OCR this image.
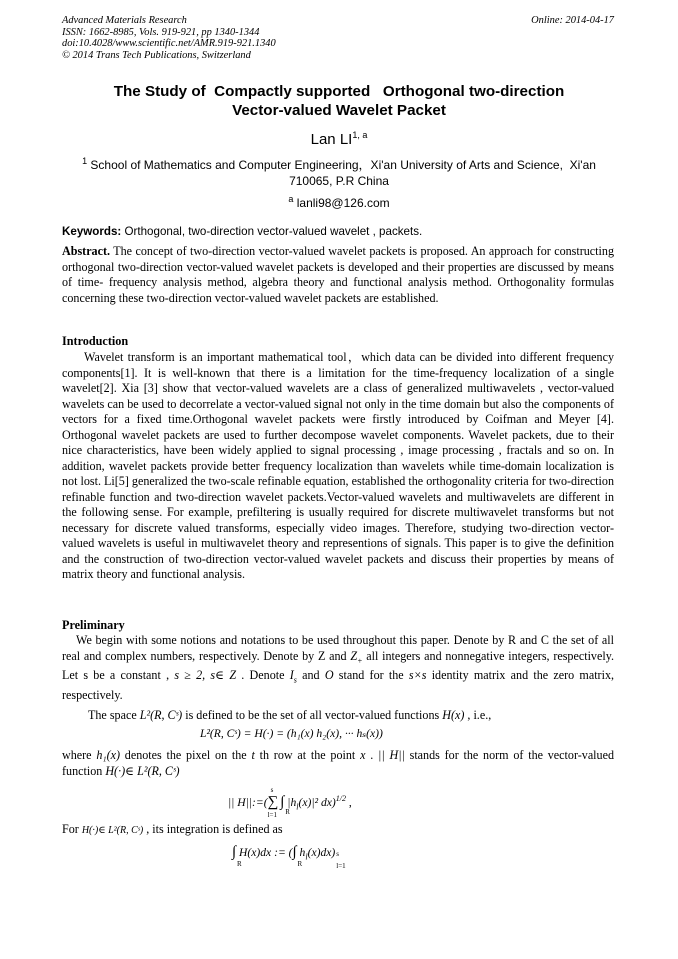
Advanced Materials Research
ISSN: 1662-8985, Vols. 919-921, pp 1340-1344
doi:10.4028/www.scientific.net/AMR.919-921.1340
© 2014 Trans Tech Publications, Switzerland
Online: 2014-04-17
The Study of  Compactly supported   Orthogonal two-direction
Vector-valued Wavelet Packet
Lan LI$^{1, a}$
$^1$ School of Mathematics and Computer Engineering，Xi'an University of Arts and Science,  Xi'an
710065, P.R China
$^a$ lanli98@126.com
Keywords: Orthogonal, two-direction vector-valued wavelet , packets.
Abstract. The concept of two-direction vector-valued wavelet packets is proposed. An approach for constructing orthogonal two-direction vector-valued wavelet packets is developed and their properties are discussed by means of time- frequency analysis method, algebra theory and functional analysis method. Orthogonality formulas concerning these two-direction vector-valued wavelet packets are established.
Introduction
Wavelet transform is an important mathematical tool，which data can be divided into different frequency components[1]. It is well-known that there is a limitation for the time-frequency localization of a single wavelet[2]. Xia [3] show that vector-valued wavelets are a class of generalized multiwavelets , vector-valued wavelets can be used to decorrelate a vector-valued signal not only in the time domain but also the components of vectors for a fixed time.Orthogonal wavelet packets were firstly introduced by Coifman and Meyer [4]. Orthogonal wavelet packets are used to further decompose wavelet components. Wavelet packets, due to their nice characteristics, have been widely applied to signal processing , image processing , fractals and so on. In addition, wavelet packets provide better frequency localization than wavelets while time-domain localization is not lost. Li[5] generalized the two-scale refinable equation, established the orthogonality criteria for two-direction refinable function and two-direction wavelet packets.Vector-valued wavelets and multiwavelets are different in the following sense. For example, prefiltering is usually required for discrete multiwavelet transforms but not necessary for discrete valued transforms, especially video images. Therefore, studying two-direction vector-valued wavelets is useful in multiwavelet theory and representions of signals. This paper is to give the definition and the construction of two-direction vector-valued wavelet packets and discuss their properties by means of matrix theory and functional analysis.
Preliminary
We begin with some notions and notations to be used throughout this paper. Denote by R and C the set of all real and complex numbers, respectively. Denote by Z and $Z_+$ all integers and nonnegative integers, respectively. Let s be a constant , s ≥ 2, s∈ Z . Denote $I_s$ and O stand for the s×s identity matrix and the zero matrix, respectively.
The space L²(R, Cˢ) is defined to be the set of all vector-valued functions H(x) , i.e.,
L²(R, Cˢ) = H(·) = (h₁(x) h₂(x), ··· hₛ(x))
where h₁(x) denotes the pixel on the t th row at the point x . || H|| stands for the norm of the vector-valued function H(·)∈ L²(R, Cˢ)
|| H||:=(∑
s
l=1
∫
R
$|h_l(x)|^2$ dx)$^{1/2}$ ,
For H(·)∈ L²(R, Cˢ) , its integration is defined as
∫
R
H(x)dx := (∫
R
$h_l(x)dx$) s
l=1
